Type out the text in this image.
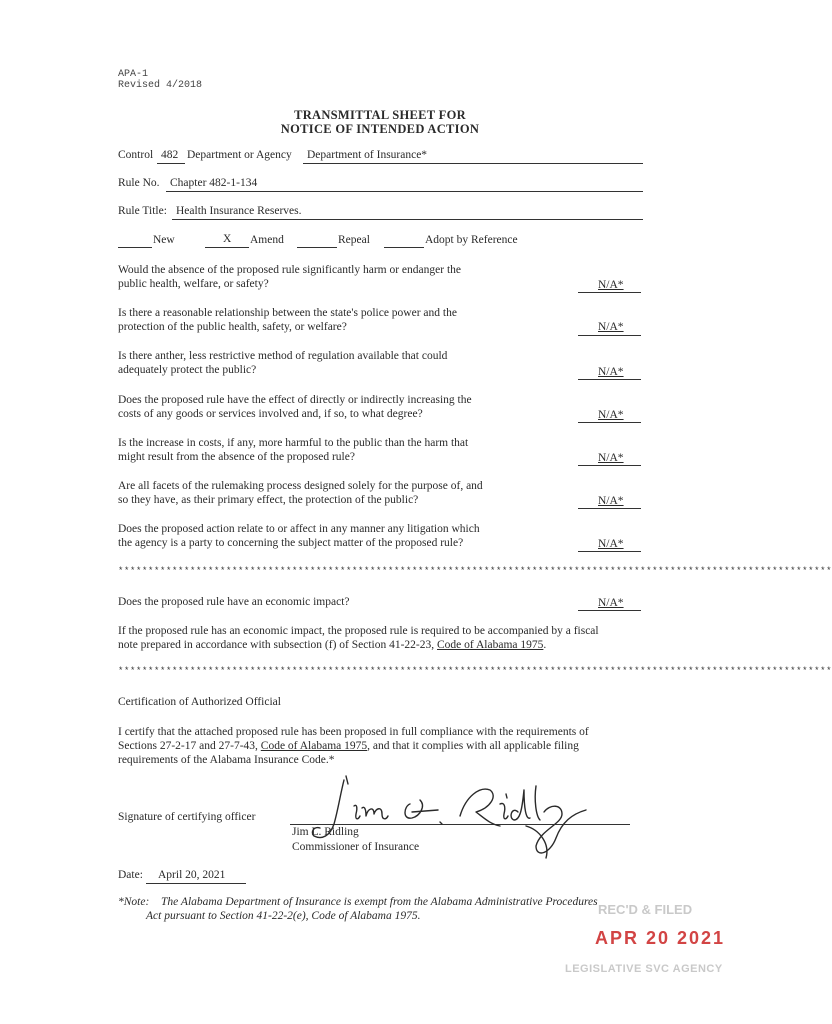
APA-1
Revised 4/2018
TRANSMITTAL SHEET FOR
NOTICE OF INTENDED ACTION
Control 482 Department or Agency Department of Insurance*
Rule No. Chapter 482-1-134
Rule Title: Health Insurance Reserves.
New	X Amend	Repeal	Adopt by Reference
Would the absence of the proposed rule significantly harm or endanger the
public health, welfare, or safety?	N/A*
Is there a reasonable relationship between the state's police power and the
protection of the public health, safety, or welfare?	N/A*
Is there anther, less restrictive method of regulation available that could
adequately protect the public?	N/A*
Does the proposed rule have the effect of directly or indirectly increasing the
costs of any goods or services involved and, if so, to what degree?	N/A*
Is the increase in costs, if any, more harmful to the public than the harm that
might result from the absence of the proposed rule?	N/A*
Are all facets of the rulemaking process designed solely for the purpose of, and
so they have, as their primary effect, the protection of the public?	N/A*
Does the proposed action relate to or affect in any manner any litigation which
the agency is a party to concerning the subject matter of the proposed rule?	N/A*
***********************************************************************************************************************
Does the proposed rule have an economic impact?	N/A*
If the proposed rule has an economic impact, the proposed rule is required to be accompanied by a fiscal
note prepared in accordance with subsection (f) of Section 41-22-23, Code of Alabama 1975.
***********************************************************************************************************************
Certification of Authorized Official
I certify that the attached proposed rule has been proposed in full compliance with the requirements of
Sections 27-2-17 and 27-7-43, Code of Alabama 1975, and that it complies with all applicable filing
requirements of the Alabama Insurance Code.*
Signature of certifying officer
Jim L. Ridling
Commissioner of Insurance
Date: April 20, 2021
*Note: The Alabama Department of Insurance is exempt from the Alabama Administrative Procedures
Act pursuant to Section 41-22-2(e), Code of Alabama 1975.	REC'D & FILED
APR 20 2021
LEGISLATIVE SVC AGENCY
